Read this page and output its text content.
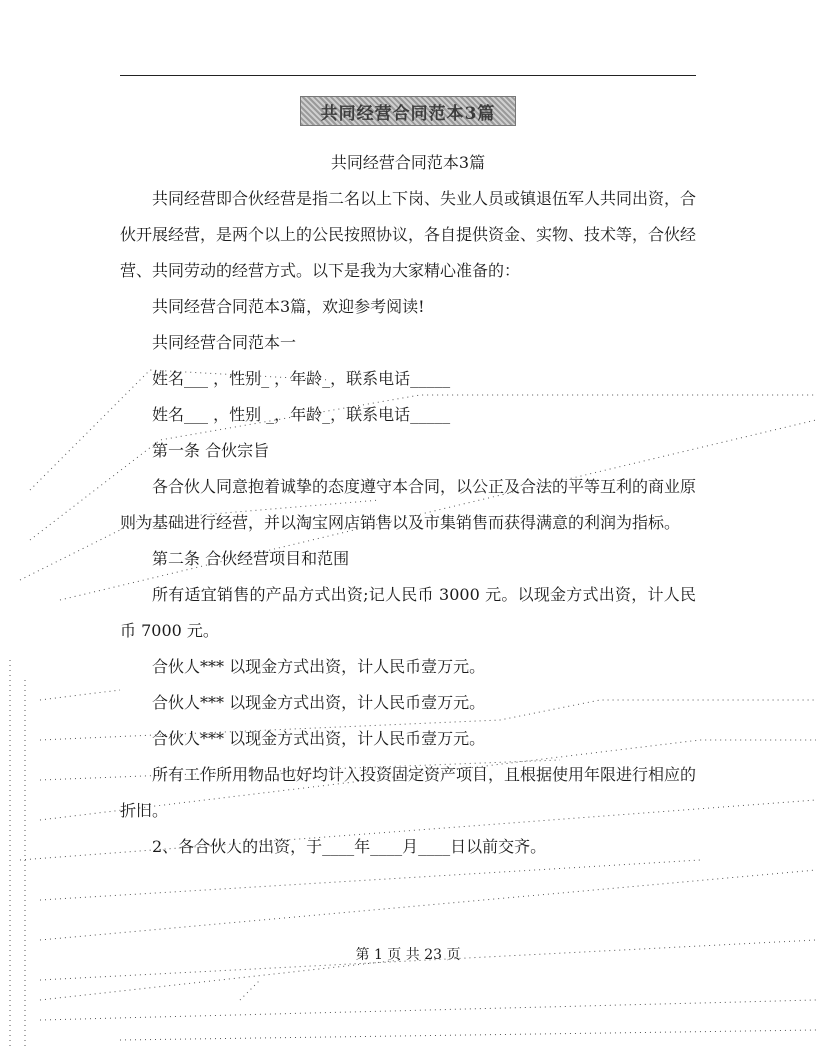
共同经营合同范本3篇

共同经营合同范本3篇

共同经营即合伙经营是指二名以上下岗、失业人员或镇退伍军人共同出资，合伙开展经营，是两个以上的公民按照协议，各自提供资金、实物、技术等，合伙经营、共同劳动的经营方式。以下是我为大家精心准备的：

共同经营合同范本3篇，欢迎参考阅读!

共同经营合同范本一

姓名___ ，性别_ ，年龄_，联系电话_____

姓名___ ，性别 _，年龄_，联系电话_____

第一条 合伙宗旨

各合伙人同意抱着诚挚的态度遵守本合同，以公正及合法的平等互利的商业原则为基础进行经营，并以淘宝网店销售以及市集销售而获得满意的利润为指标。

第二条 合伙经营项目和范围

所有适宜销售的产品方式出资;记人民币 3000 元。以现金方式出资，计人民币 7000 元。

合伙人*** 以现金方式出资，计人民币壹万元。

合伙人*** 以现金方式出资，计人民币壹万元。

合伙人*** 以现金方式出资，计人民币壹万元。

所有工作所用物品也好均计入投资固定资产项目，且根据使用年限进行相应的折旧。

2、各合伙人的出资，于____年____月____日以前交齐。

第 1 页 共 23 页
